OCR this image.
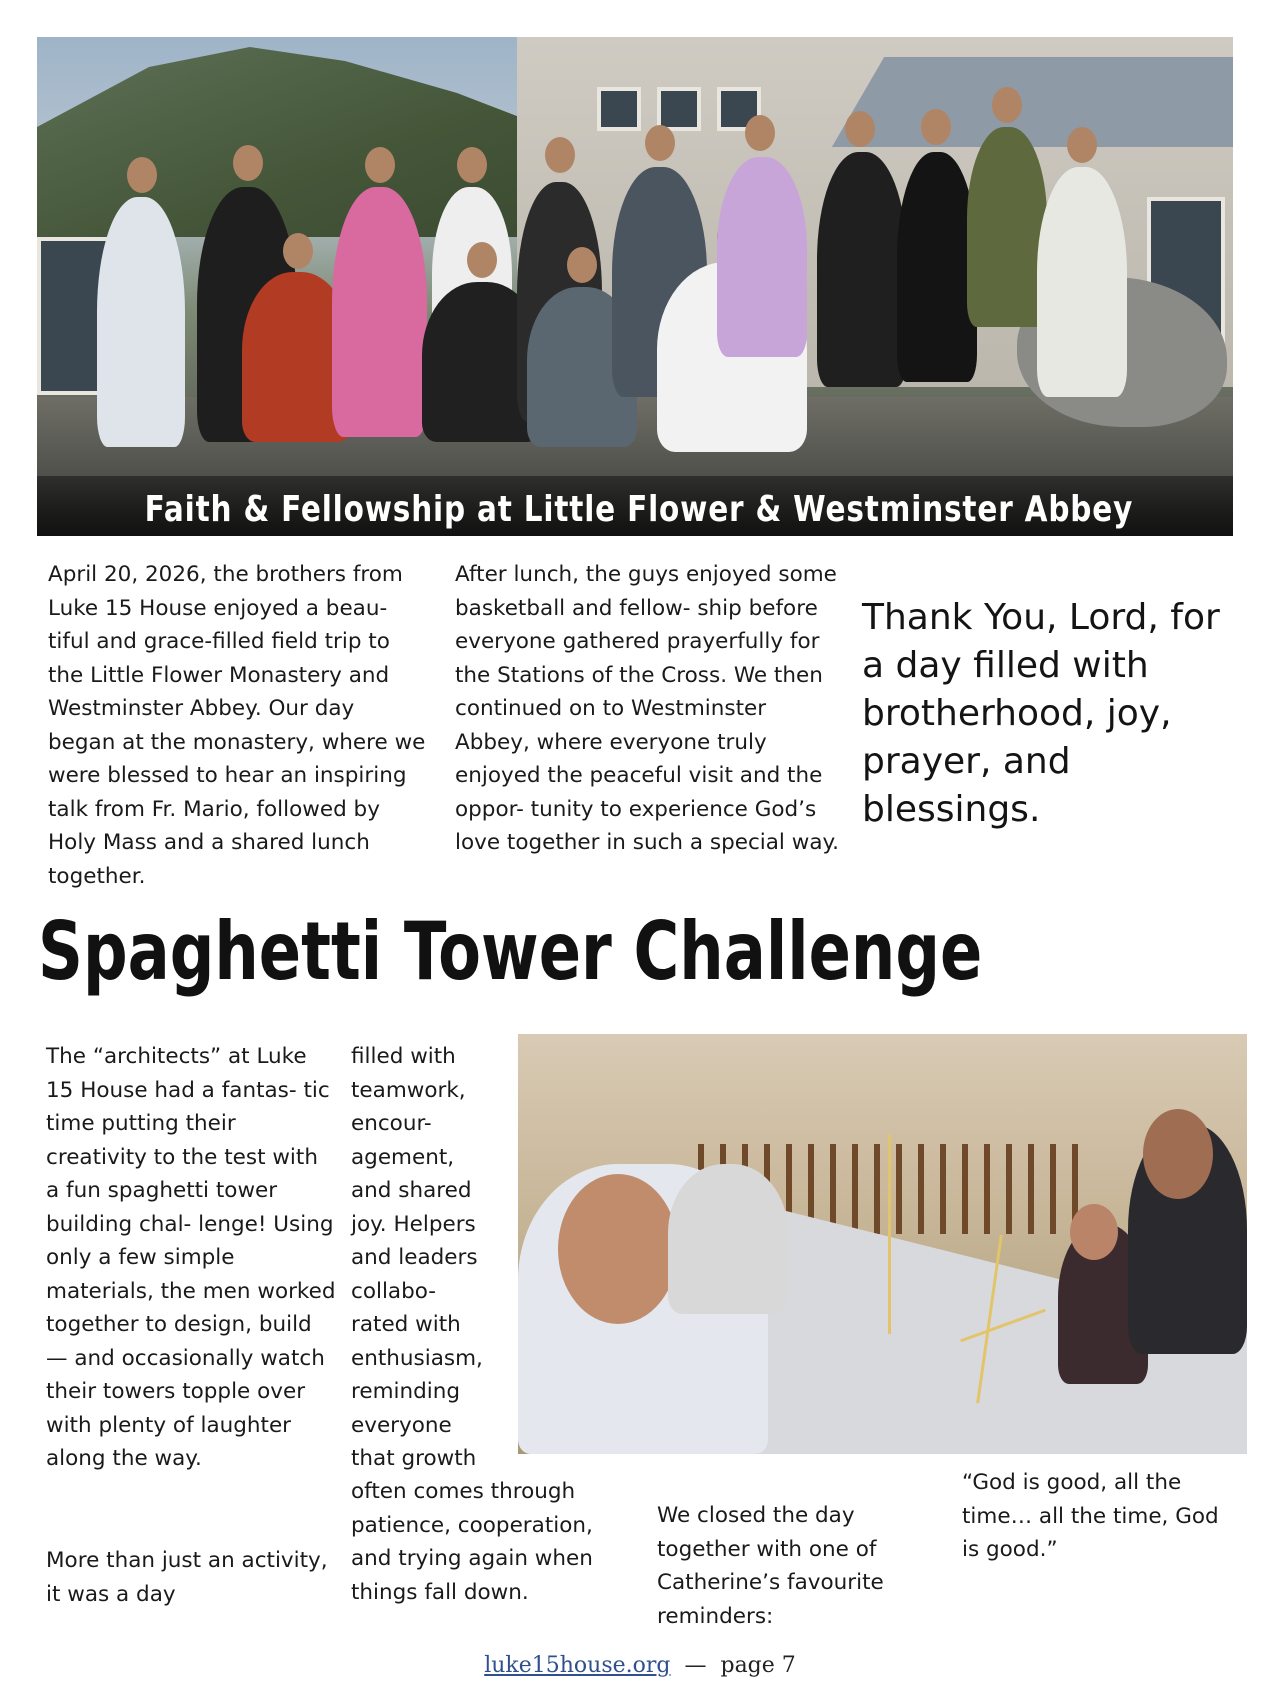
Faith & Fellowship at Little Flower & Westminster Abbey

April 20, 2026, the brothers from Luke 15 House enjoyed a beau- tiful and grace-filled field trip to the Little Flower Monastery and Westminster Abbey. Our day began at the monastery, where we were blessed to hear an inspiring talk from Fr. Mario, followed by Holy Mass and a shared lunch together.

After lunch, the guys enjoyed some basketball and fellow- ship before everyone gathered prayerfully for the Stations of the Cross. We then continued on to Westminster Abbey, where everyone truly enjoyed the peaceful visit and the oppor- tunity to experience God’s love together in such a special way.

Thank You, Lord, for a day filled with brotherhood, joy, prayer, and blessings.

Spaghetti Tower Challenge

The “architects” at Luke 15 House had a fantas- tic time putting their creativity to the test with a fun spaghetti tower building chal- lenge! Using only a few simple materials, the men worked together to design, build — and occasionally watch their towers topple over with plenty of laughter along the way.

More than just an activity, it was a day

filled with teamwork, encour- agement, and shared joy. Helpers and leaders collabo- rated with enthusiasm, reminding everyone that growth

often comes through patience, cooperation, and trying again when things fall down.

We closed the day together with one of Catherine’s favourite reminders:

“God is good, all the time… all the time, God is good.”

luke15house.org — page 7
